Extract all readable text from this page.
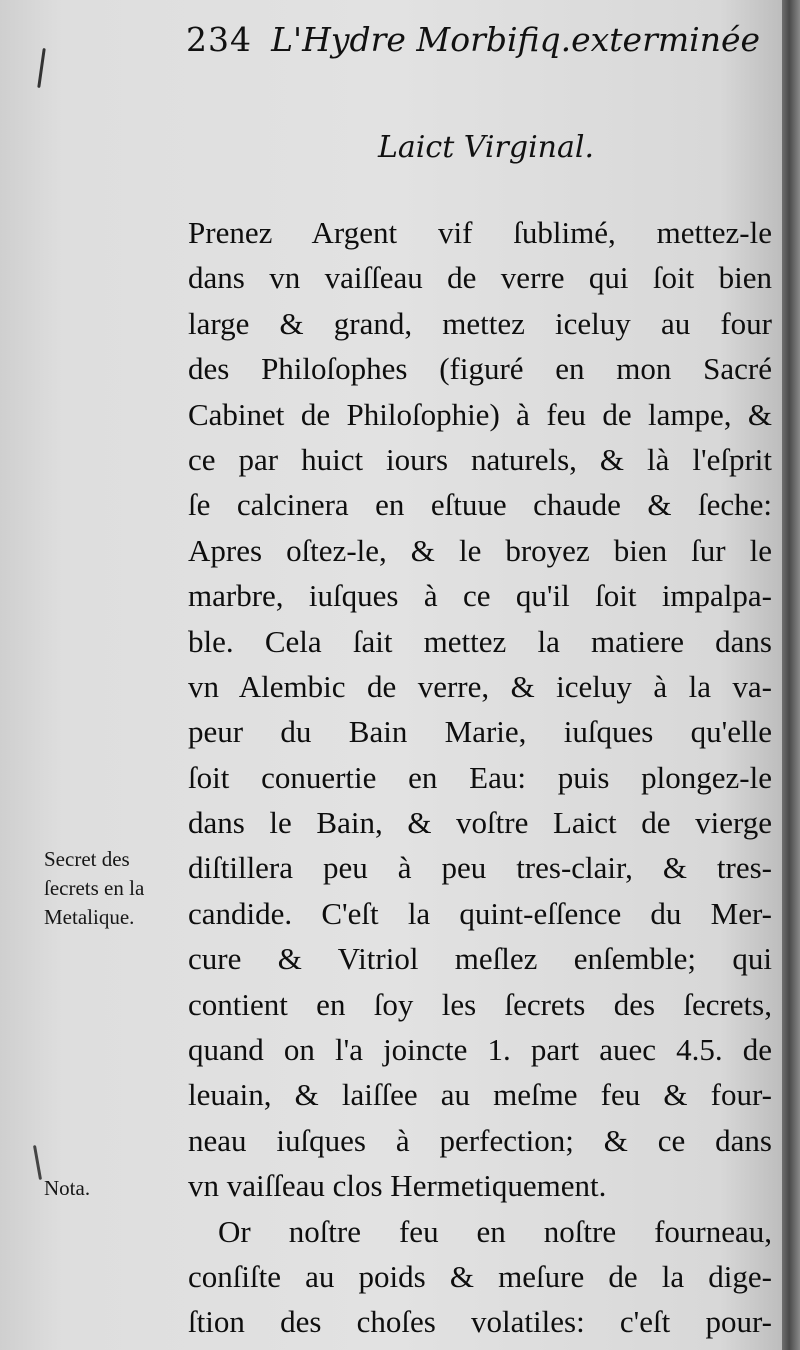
234 L'Hydre Morbifiq.exterminée
Laict Virginal.
Prenez Argent vif ſublimé, mettez-le
dans vn vaiſſeau de verre qui ſoit bien
large & grand, mettez iceluy au four
des Philoſophes (figuré en mon Sacré
Cabinet de Philoſophie) à feu de lampe, &
ce par huict iours naturels, & là l'eſprit
ſe calcinera en eſtuue chaude & ſeche:
Apres oſtez-le, & le broyez bien ſur le
marbre, iuſques à ce qu'il ſoit impalpa-
ble. Cela ſait mettez la matiere dans
vn Alembic de verre, & iceluy à la va-
peur du Bain Marie, iuſques qu'elle
ſoit conuertie en Eau: puis plongez-le
dans le Bain, & voſtre Laict de vierge
diſtillera peu à peu tres-clair, & tres-
candide. C'eſt la quint-eſſence du Mer-
cure & Vitriol meſlez enſemble; qui
contient en ſoy les ſecrets des ſecrets,
quand on l'a joincte 1. part auec 4.5. de
leuain, & laiſſee au meſme feu & four-
neau iuſques à perfection; & ce dans
vn vaiſſeau clos Hermetiquement.
Or noſtre feu en noſtre fourneau,
conſiſte au poids & meſure de la dige-
ſtion des choſes volatiles: c'eſt pour-
Secret des
ſecrets en la
Metalique.
Nota.
